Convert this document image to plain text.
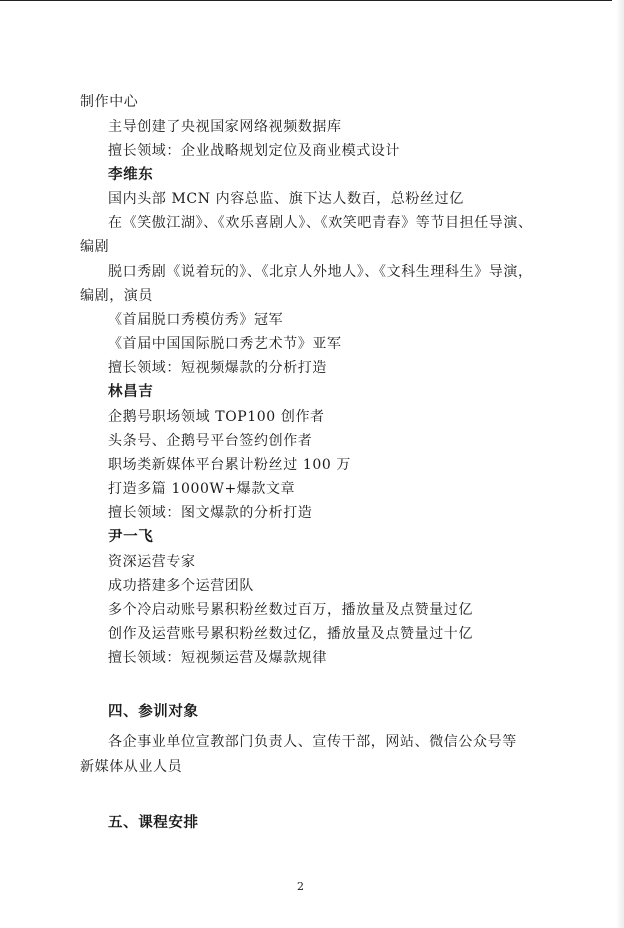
制作中心
主导创建了央视国家网络视频数据库
擅长领域：企业战略规划定位及商业模式设计
李维东
国内头部 MCN 内容总监、旗下达人数百，总粉丝过亿
在《笑傲江湖》、《欢乐喜剧人》、《欢笑吧青春》等节目担任导演、
编剧
脱口秀剧《说着玩的》、《北京人外地人》、《文科生理科生》导演，
编剧，演员
《首届脱口秀模仿秀》冠军
《首届中国国际脱口秀艺术节》亚军
擅长领域：短视频爆款的分析打造
林昌吉
企鹅号职场领域 TOP100 创作者
头条号、企鹅号平台签约创作者
职场类新媒体平台累计粉丝过 100 万
打造多篇 1000W+爆款文章
擅长领域：图文爆款的分析打造
尹一飞
资深运营专家
成功搭建多个运营团队
多个冷启动账号累积粉丝数过百万，播放量及点赞量过亿
创作及运营账号累积粉丝数过亿，播放量及点赞量过十亿
擅长领域：短视频运营及爆款规律
四、参训对象
各企事业单位宣教部门负责人、宣传干部，网站、微信公众号等
新媒体从业人员
五、课程安排
2
